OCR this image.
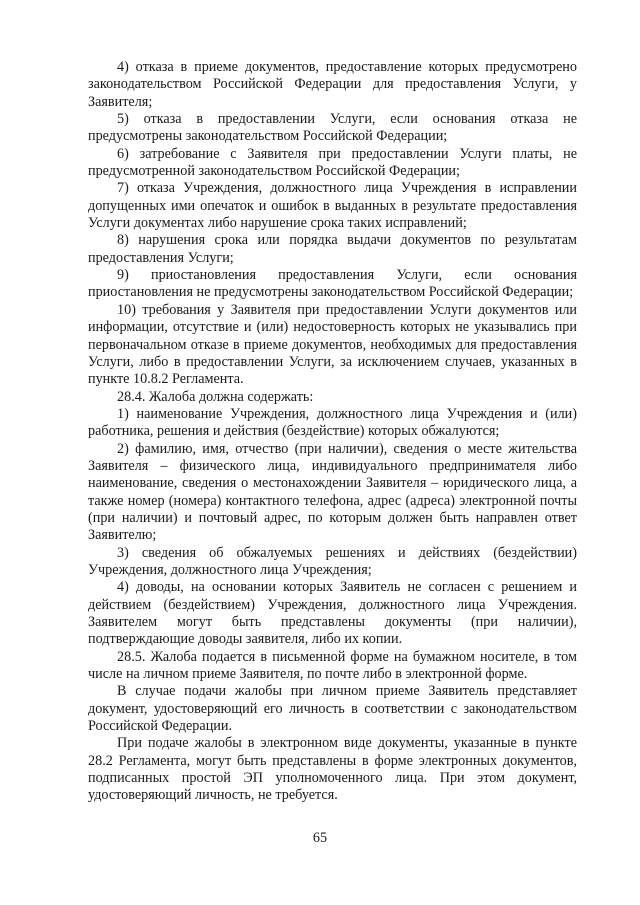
4) отказа в приеме документов, предоставление которых предусмотрено законодательством Российской Федерации для предоставления Услуги, у Заявителя;

5) отказа в предоставлении Услуги, если основания отказа не предусмотрены законодательством Российской Федерации;

6) затребование с Заявителя при предоставлении Услуги платы, не предусмотренной законодательством Российской Федерации;

7) отказа Учреждения, должностного лица Учреждения в исправлении допущенных ими опечаток и ошибок в выданных в результате предоставления Услуги документах либо нарушение срока таких исправлений;

8) нарушения срока или порядка выдачи документов по результатам предоставления Услуги;

9) приостановления предоставления Услуги, если основания приостановления не предусмотрены законодательством Российской Федерации;

10) требования у Заявителя при предоставлении Услуги документов или информации, отсутствие и (или) недостоверность которых не указывались при первоначальном отказе в приеме документов, необходимых для предоставления Услуги, либо в предоставлении Услуги, за исключением случаев, указанных в пункте 10.8.2 Регламента.

28.4. Жалоба должна содержать:

1) наименование Учреждения, должностного лица Учреждения и (или) работника, решения и действия (бездействие) которых обжалуются;

2) фамилию, имя, отчество (при наличии), сведения о месте жительства Заявителя – физического лица, индивидуального предпринимателя либо наименование, сведения о местонахождении Заявителя – юридического лица, а также номер (номера) контактного телефона, адрес (адреса) электронной почты (при наличии) и почтовый адрес, по которым должен быть направлен ответ Заявителю;

3) сведения об обжалуемых решениях и действиях (бездействии) Учреждения, должностного лица Учреждения;

4) доводы, на основании которых Заявитель не согласен с решением и действием (бездействием) Учреждения, должностного лица Учреждения. Заявителем могут быть представлены документы (при наличии), подтверждающие доводы заявителя, либо их копии.

28.5. Жалоба подается в письменной форме на бумажном носителе, в том числе на личном приеме Заявителя, по почте либо в электронной форме.

В случае подачи жалобы при личном приеме Заявитель представляет документ, удостоверяющий его личность в соответствии с законодательством Российской Федерации.

При подаче жалобы в электронном виде документы, указанные в пункте 28.2 Регламента, могут быть представлены в форме электронных документов, подписанных простой ЭП уполномоченного лица. При этом документ, удостоверяющий личность, не требуется.

65
